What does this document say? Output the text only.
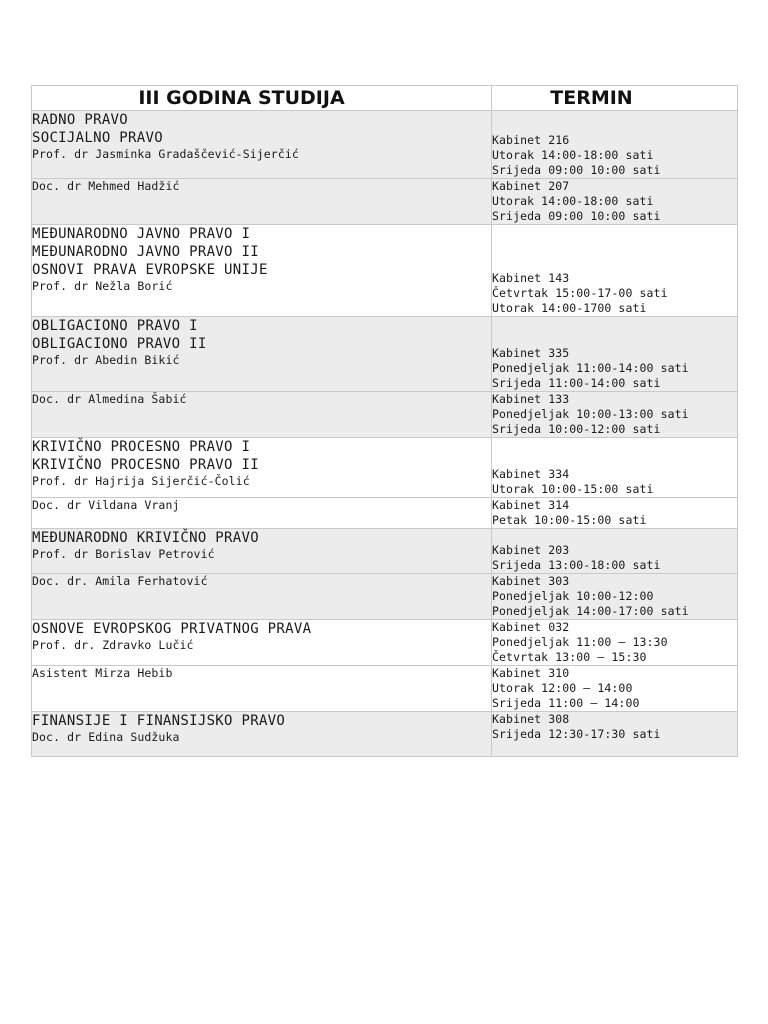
III GODINA STUDIJA	TERMIN

RADNO PRAVO
SOCIJALNO PRAVO
Prof. dr Jasminka Gradaščević-Sijerčić	Kabinet 216
Utorak 14:00-18:00 sati
Srijeda 09:00 10:00 sati

Doc. dr Mehmed Hadžić	Kabinet 207
Utorak 14:00-18:00 sati
Srijeda 09:00 10:00 sati

MEĐUNARODNO JAVNO PRAVO I
MEĐUNARODNO JAVNO PRAVO II
OSNOVI PRAVA EVROPSKE UNIJE
Prof. dr Nežla Borić	Kabinet 143
Četvrtak 15:00-17-00 sati
Utorak 14:00-1700 sati

OBLIGACIONO PRAVO I
OBLIGACIONO PRAVO II
Prof. dr Abedin Bikić	Kabinet 335
Ponedjeljak 11:00-14:00 sati
Srijeda 11:00-14:00 sati

Doc. dr Almedina Šabić	Kabinet 133
Ponedjeljak 10:00-13:00 sati
Srijeda 10:00-12:00 sati

KRIVIČNO PROCESNO PRAVO I
KRIVIČNO PROCESNO PRAVO II
Prof. dr Hajrija Sijerčić-Čolić	Kabinet 334
Utorak 10:00-15:00 sati

Doc. dr Vildana Vranj	Kabinet 314
Petak 10:00-15:00 sati

MEĐUNARODNO KRIVIČNO PRAVO
Prof. dr Borislav Petrović	Kabinet 203
Srijeda 13:00-18:00 sati

Doc. dr. Amila Ferhatović	Kabinet 303
Ponedjeljak 10:00-12:00
Ponedjeljak 14:00-17:00 sati

OSNOVE EVROPSKOG PRIVATNOG PRAVA
Prof. dr. Zdravko Lučić	Kabinet 032
Ponedjeljak 11:00 – 13:30
Četvrtak 13:00 – 15:30

Asistent Mirza Hebib	Kabinet 310
Utorak 12:00 – 14:00
Srijeda 11:00 – 14:00

FINANSIJE I FINANSIJSKO PRAVO
Doc. dr Edina Sudžuka	Kabinet 308
Srijeda 12:30-17:30 sati
